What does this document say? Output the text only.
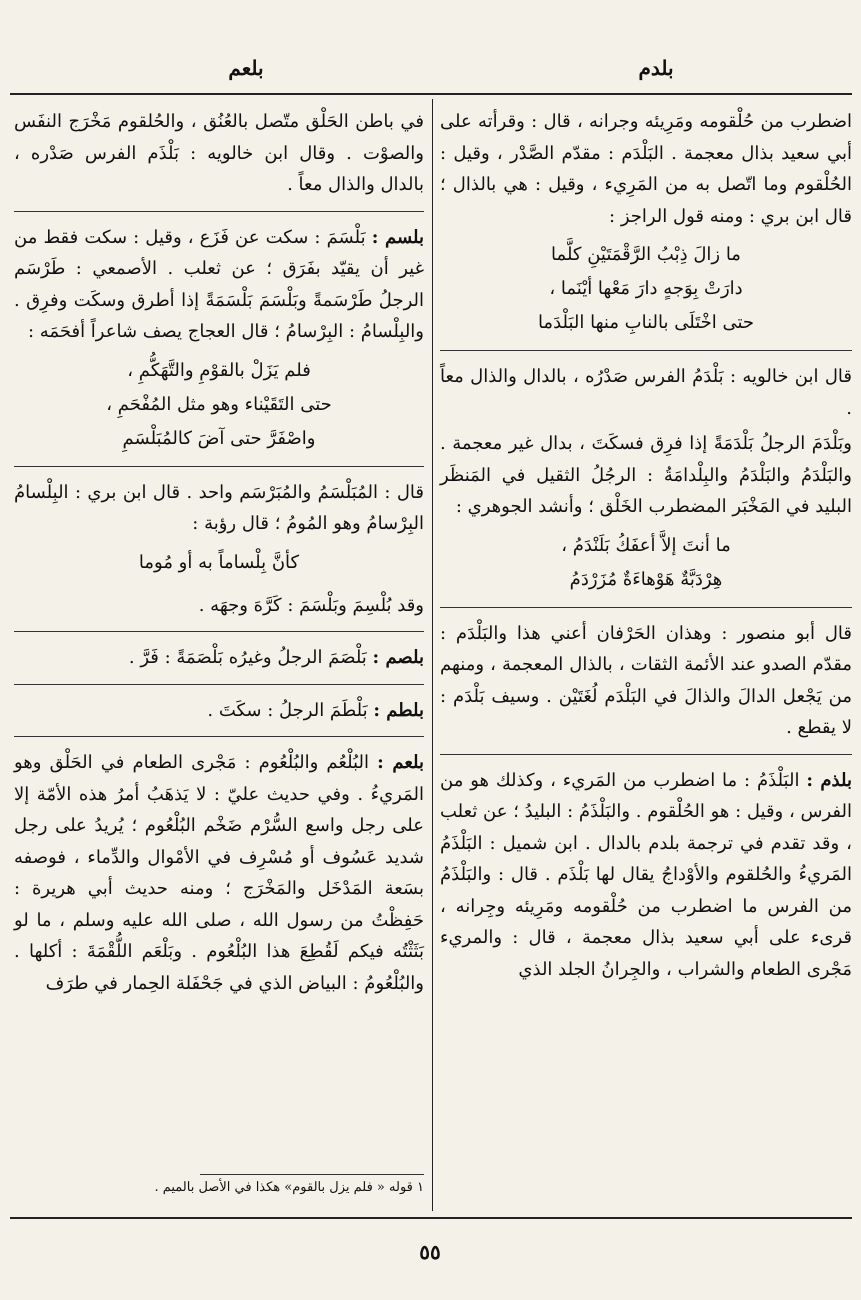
بلدم
بلعم

اضطرب من حُلْقومه ومَرِيئه وجرانه ، قال : وقرأته على أبي سعيد بذال معجمة . البَلْدَم : مقدّم الصَّدْر ، وقيل : الحُلْقوم وما اتّصل به من المَرِيء ، وقيل : هي بالذال ؛ قال ابن بري : ومنه قول الراجز :

ما زالَ ذِبْبُ الرَّقْمَتَيْنِ كلَّما
دارَتْ بِوَجهٍ دارَ مَعْها أيْنَما ،
حتى اخْتَلَى بالنابِ منها البَلْدَما

قال ابن خالويه : بَلْدَمُ الفرس صَدْرُه ، بالدال والذال معاً .

وبَلْدَمَ الرجلُ بَلْدَمَةً إذا فرِق فسكَتَ ، بدال غير معجمة . والبَلْدَمُ والبَلْدَمُ والبِلْدامَةُ : الرجُلُ الثقيل في المَنظَر البليد في المَخْبَر المضطرب الخَلْق ؛ وأنشد الجوهري :

ما أنتَ إلاَّ أعفَكُ بَلَنْدَمُ ،
هِرْدَبَّةٌ هَوْهاءَةٌ مُزَرْدَمُ

قال أبو منصور : وهذان الحَرْفان أعني هذا والبَلْدَم : مقدّم الصدو عند الأئمة الثقات ، بالذال المعجمة ، ومنهم من يَجْعل الدالَ والذالَ في البَلْدَم لُغَتَيْن . وسيف بَلْدَم : لا يقطع .

بلذم : البَلْذَمُ : ما اضطرب من المَريء ، وكذلك هو من الفرس ، وقيل : هو الحُلْقوم . والبَلْذَمُ : البليدُ ؛ عن ثعلب ، وقد تقدم في ترجمة بلدم بالدال . ابن شميل : البَلْذَمُ المَريءُ والحُلقوم والأوْداجُ يقال لها بَلْذَم . قال : والبَلْذَمُ من الفرس ما اضطرب من حُلْقومه ومَرِيئه وجِرانه ، قرىء على أبي سعيد بذال معجمة ، قال : والمريء مَجْرى الطعام والشراب ، والجِرانُ الجلد الذي

في باطن الحَلْق متّصل بالعُنُق ، والحُلقوم مَخْرَج النفَس والصوْت . وقال ابن خالويه : بَلْذَم الفرس صَدْره ، بالدال والذال معاً .

بلسم : بَلْسَمَ : سكت عن فَزَع ، وقيل : سكت فقط من غير أن يقيّد بفَرَق ؛ عن ثعلب . الأصمعي : طَرْسَم الرجلُ طَرْسَمةً وبَلْسَمَ بَلْسَمَةً إذا أطرق وسكَت وفرِق . والبِلْسامُ : البِرْسامُ ؛ قال العجاج يصف شاعراً أفحَمَه :

فلم يَزَلْ بالقوْمِ والتَّهَكُّمِ ،
حتى التَقَيْناء وهو مثل المُفْحَمِ ،
واصْفَرَّ حتى آضَ كالمُبَلْسَمِ

قال : المُبَلْسَمُ والمُبَرْسَم واحد . قال ابن بري : البِلْسامُ البِرْسامُ وهو المُومُ ؛ قال رؤبة :

كأنَّ بِلْساماً به أو مُوما

وقد بُلْسِمَ وبَلْسَمَ : كَرَّهَ وجهَه .

بلصم : بَلْصَمَ الرجلُ وغيرُه بَلْصَمَةً : فَرَّ .

بلطم : بَلْطَمَ الرجلُ : سكَتَ .

بلعم : البُلْعُم والبُلْعُوم : مَجْرى الطعام في الحَلْق وهو المَريءُ . وفي حديث عليّ : لا يَذهَبُ أمرُ هذه الأمّة إلا على رجل واسع السُّرْم ضَخْم البُلْعُوم ؛ يُريدُ على رجل شديد عَسُوف أو مُسْرِف في الأمْوال والدِّماء ، فوصفه بسَعة المَدْخَل والمَخْرَج ؛ ومنه حديث أبي هريرة : حَفِظْتُ من رسول الله ، صلى الله عليه وسلم ، ما لو بَثَثْتُه فيكم لَقُطِعَ هذا البُلْعُوم . وبَلْعَم اللُّقْمَةَ : أكلها . والبُلْعُومُ : البياض الذي في جَحْفَلة الحِمار في طرَف

١ قوله « فلم يزل بالقوم» هكذا في الأصل بالميم .
٥٥
